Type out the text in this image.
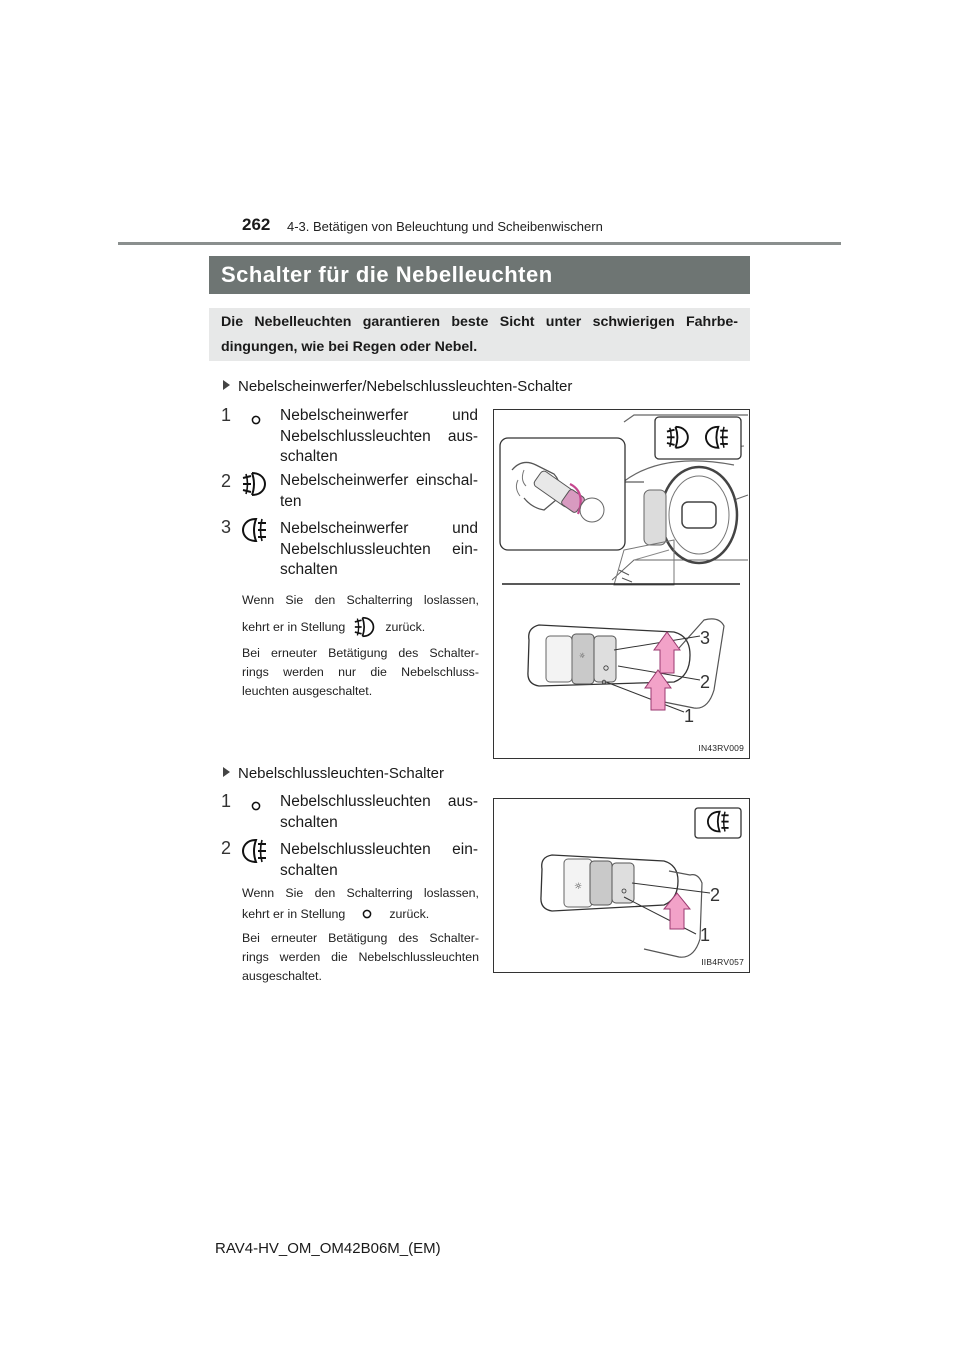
262 4-3. Betätigen von Beleuchtung und Scheibenwischern
Schalter für die Nebelleuchten
Die Nebelleuchten garantieren beste Sicht unter schwierigen Fahrbe-
dingungen, wie bei Regen oder Nebel.
Nebelscheinwerfer/Nebelschlussleuchten-Schalter
1	Nebelscheinwerfer und
Nebelschlussleuchten aus-
schalten
2	Nebelscheinwerfer einschal-
ten
3	Nebelscheinwerfer und
Nebelschlussleuchten ein-
schalten
Wenn Sie den Schalterring loslassen,
kehrt er in Stellung	zurück.
Bei erneuter Betätigung des Schalter-
rings werden nur die Nebelschluss-
leuchten ausgeschaltet.
☼
3
2
1
IN43RV009
Nebelschlussleuchten-Schalter
1	Nebelschlussleuchten aus-
schalten
2	Nebelschlussleuchten ein-
schalten
Wenn Sie den Schalterring loslassen,
kehrt er in Stellung	zurück.
Bei erneuter Betätigung des Schalter-
rings werden die Nebelschlussleuchten
ausgeschaltet.
☼	2
1
IIB4RV057
RAV4-HV_OM_OM42B06M_(EM)
